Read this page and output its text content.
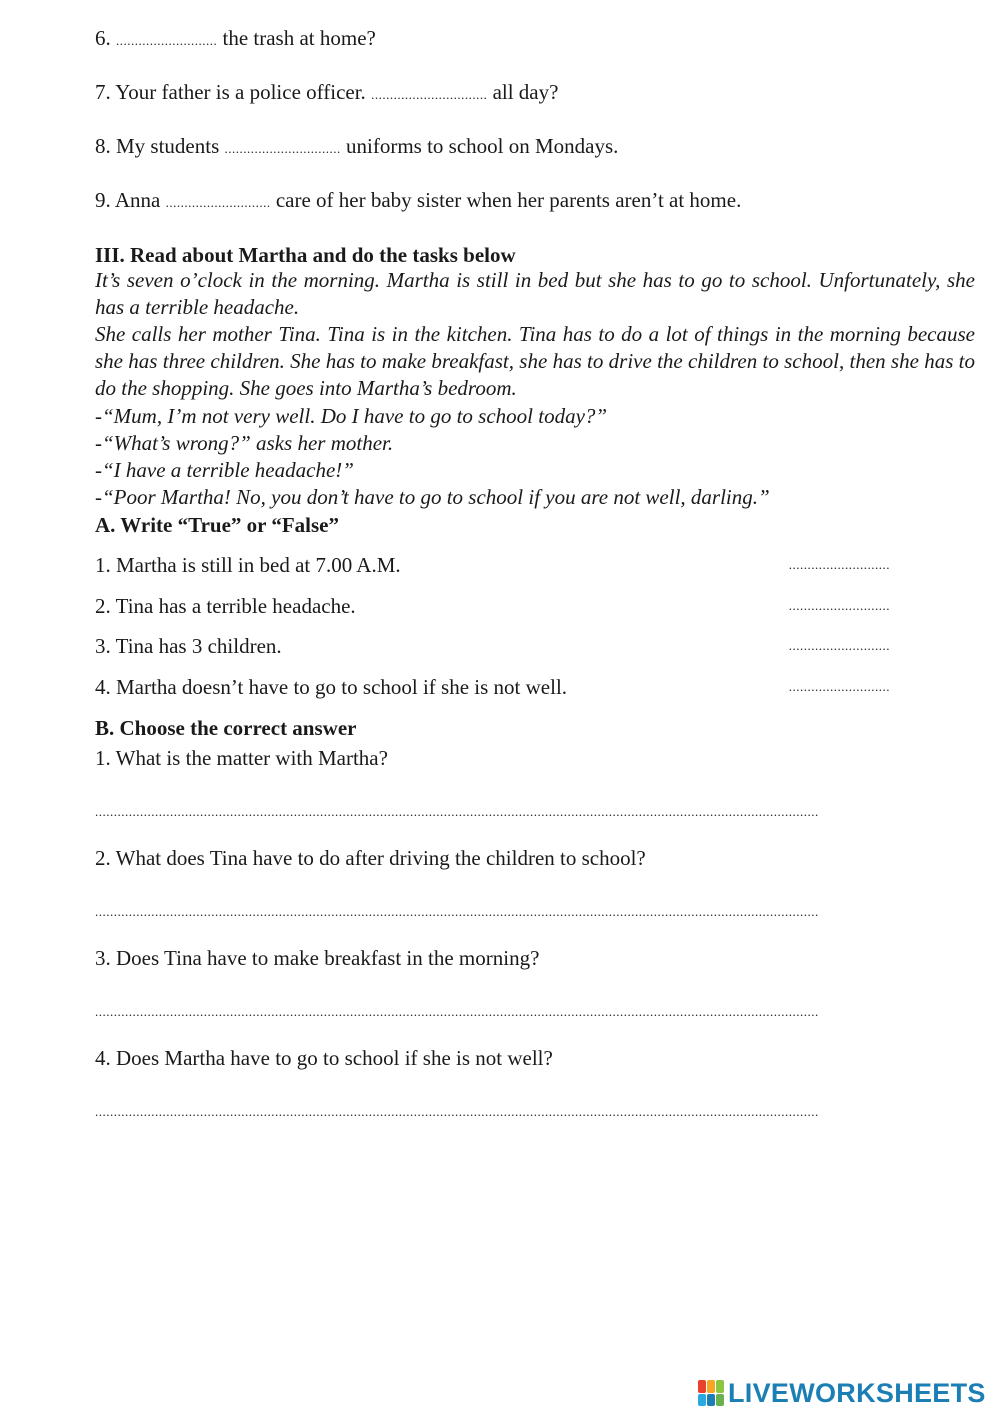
6. ........................... the trash at home?
7. Your father is a police officer. ............................... all day?
8. My students ............................... uniforms to school on Mondays.
9. Anna ............................ care of her baby sister when her parents aren’t at home.
III. Read about Martha and do the tasks below
It’s seven o’clock in the morning. Martha is still in bed but she has to go to school. Unfortunately, she has a terrible headache.
She calls her mother Tina. Tina is in the kitchen. Tina has to do a lot of things in the morning because she has three children. She has to make breakfast, she has to drive the children to school, then she has to do the shopping. She goes into Martha’s bedroom.
-“Mum, I’m not very well. Do I have to go to school today?”
-“What’s wrong?” asks her mother.
-“I have a terrible headache!”
-“Poor Martha! No, you don’t have to go to school if you are not well, darling.”
A. Write “True” or “False”
1. Martha is still in bed at 7.00 A.M.	...........................
2. Tina has a terrible headache.	...........................
3. Tina has 3 children.	...........................
4. Martha doesn’t have to go to school if she is not well.	...........................
B. Choose the correct answer
1. What is the matter with Martha?
.................................................................................................................................................................................................
2. What does Tina have to do after driving the children to school?
.................................................................................................................................................................................................
3. Does Tina have to make breakfast in the morning?
.................................................................................................................................................................................................
4. Does Martha have to go to school if she is not well?
.................................................................................................................................................................................................
LIVEWORKSHEETS
